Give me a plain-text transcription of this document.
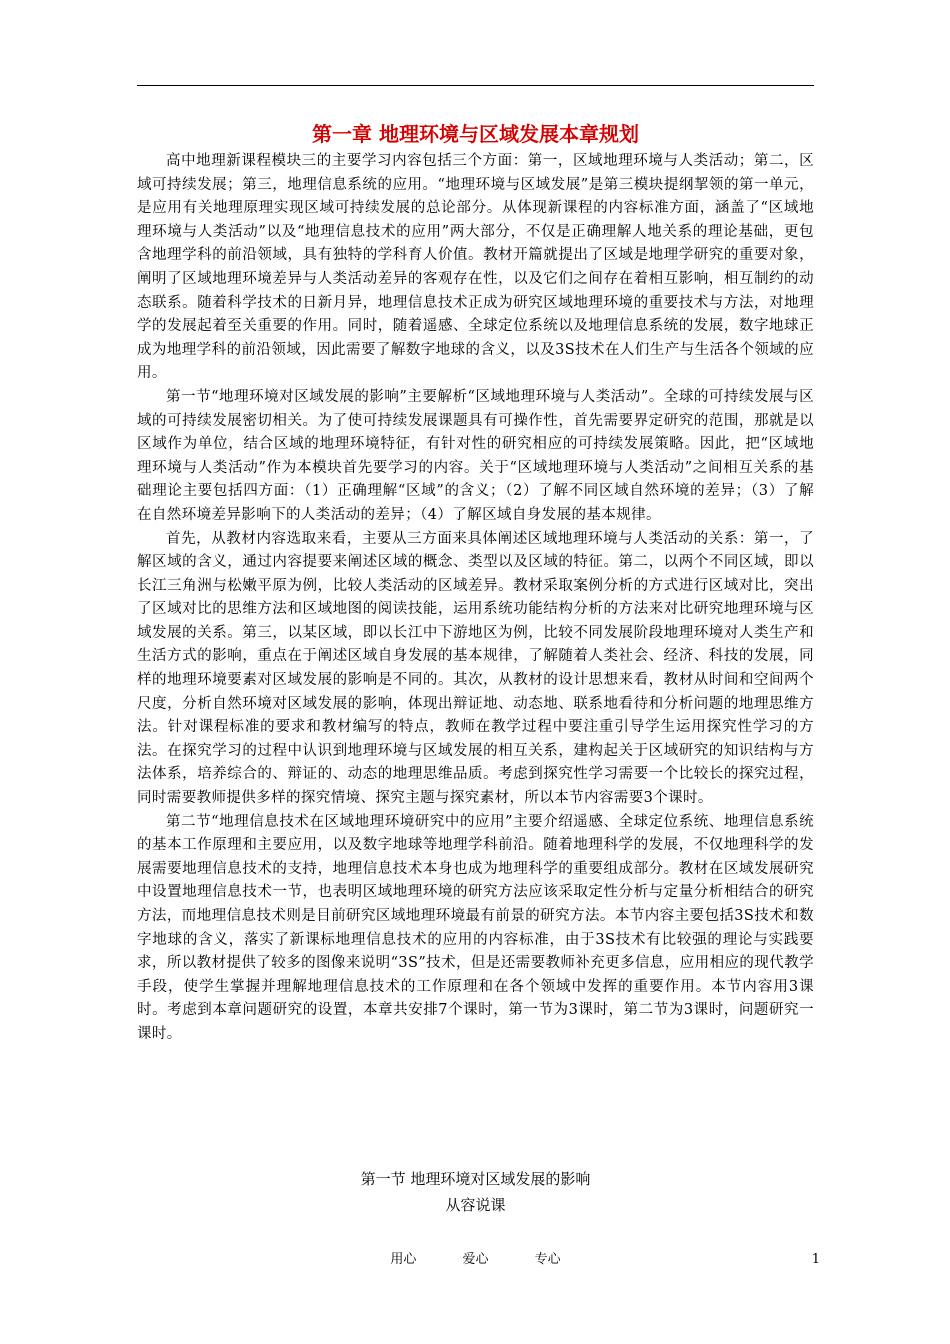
第一章 地理环境与区域发展本章规划

高中地理新课程模块三的主要学习内容包括三个方面：第一，区域地理环境与人类活动；第二，区域可持续发展；第三，地理信息系统的应用。“地理环境与区域发展”是第三模块提纲挈领的第一单元，是应用有关地理原理实现区域可持续发展的总论部分。从体现新课程的内容标准方面，涵盖了“区域地理环境与人类活动”以及“地理信息技术的应用”两大部分，不仅是正确理解人地关系的理论基础，更包含地理学科的前沿领域，具有独特的学科育人价值。教材开篇就提出了区域是地理学研究的重要对象，阐明了区域地理环境差异与人类活动差异的客观存在性，以及它们之间存在着相互影响，相互制约的动态联系。随着科学技术的日新月异，地理信息技术正成为研究区域地理环境的重要技术与方法，对地理学的发展起着至关重要的作用。同时，随着遥感、全球定位系统以及地理信息系统的发展，数字地球正成为地理学科的前沿领域，因此需要了解数字地球的含义，以及3S技术在人们生产与生活各个领域的应用。

第一节“地理环境对区域发展的影响”主要解析“区域地理环境与人类活动”。全球的可持续发展与区域的可持续发展密切相关。为了使可持续发展课题具有可操作性，首先需要界定研究的范围，那就是以区域作为单位，结合区域的地理环境特征，有针对性的研究相应的可持续发展策略。因此，把“区域地理环境与人类活动”作为本模块首先要学习的内容。关于“区域地理环境与人类活动”之间相互关系的基础理论主要包括四方面：（1）正确理解“区域”的含义；（2）了解不同区域自然环境的差异；（3）了解在自然环境差异影响下的人类活动的差异；（4）了解区域自身发展的基本规律。

首先，从教材内容选取来看，主要从三方面来具体阐述区域地理环境与人类活动的关系：第一，了解区域的含义，通过内容提要来阐述区域的概念、类型以及区域的特征。第二，以两个不同区域，即以长江三角洲与松嫩平原为例，比较人类活动的区域差异。教材采取案例分析的方式进行区域对比，突出了区域对比的思维方法和区域地图的阅读技能，运用系统功能结构分析的方法来对比研究地理环境与区域发展的关系。第三，以某区域，即以长江中下游地区为例，比较不同发展阶段地理环境对人类生产和生活方式的影响，重点在于阐述区域自身发展的基本规律，了解随着人类社会、经济、科技的发展，同样的地理环境要素对区域发展的影响是不同的。其次，从教材的设计思想来看，教材从时间和空间两个尺度，分析自然环境对区域发展的影响，体现出辩证地、动态地、联系地看待和分析问题的地理思维方法。针对课程标准的要求和教材编写的特点，教师在教学过程中要注重引导学生运用探究性学习的方法。在探究学习的过程中认识到地理环境与区域发展的相互关系，建构起关于区域研究的知识结构与方法体系，培养综合的、辩证的、动态的地理思维品质。考虑到探究性学习需要一个比较长的探究过程，同时需要教师提供多样的探究情境、探究主题与探究素材，所以本节内容需要3个课时。

第二节“地理信息技术在区域地理环境研究中的应用”主要介绍遥感、全球定位系统、地理信息系统的基本工作原理和主要应用，以及数字地球等地理学科前沿。随着地理科学的发展，不仅地理科学的发展需要地理信息技术的支持，地理信息技术本身也成为地理科学的重要组成部分。教材在区域发展研究中设置地理信息技术一节，也表明区域地理环境的研究方法应该采取定性分析与定量分析相结合的研究方法，而地理信息技术则是目前研究区域地理环境最有前景的研究方法。本节内容主要包括3S技术和数字地球的含义，落实了新课标地理信息技术的应用的内容标准，由于3S技术有比较强的理论与实践要求，所以教材提供了较多的图像来说明“3S”技术，但是还需要教师补充更多信息，应用相应的现代教学手段，使学生掌握并理解地理信息技术的工作原理和在各个领域中发挥的重要作用。本节内容用3课时。考虑到本章问题研究的设置，本章共安排7个课时，第一节为3课时，第二节为3课时，问题研究一课时。

第一节 地理环境对区域发展的影响
从容说课
用心	爱心	专心	1
